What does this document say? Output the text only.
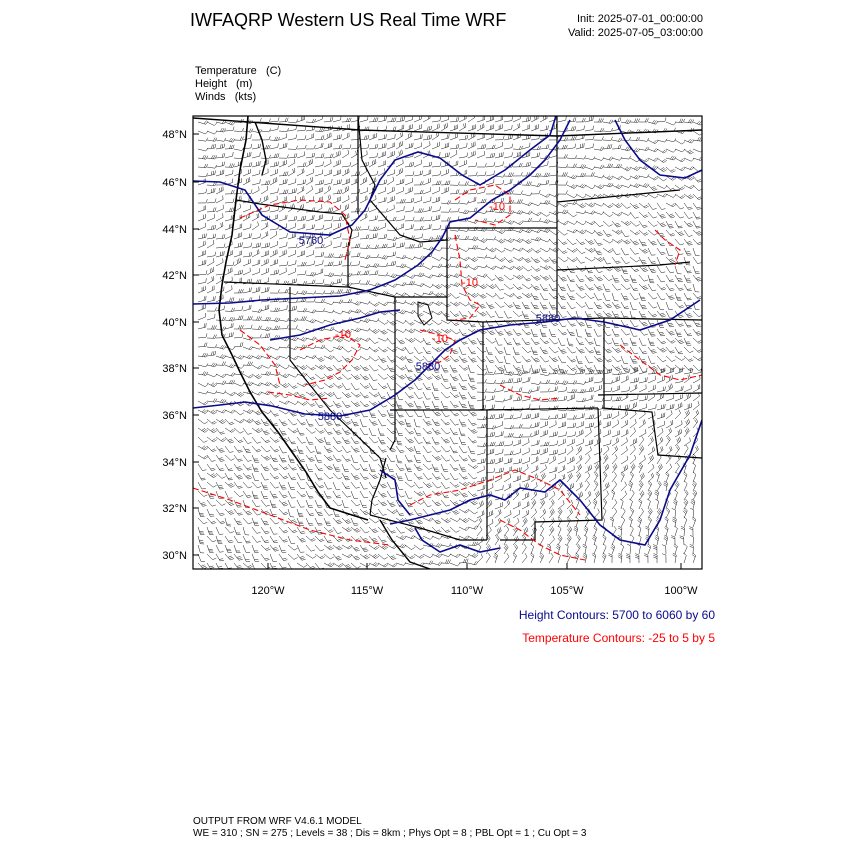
IWFAQRP Western US Real Time WRF	Init: 2025-07-01_00:00:00
Valid: 2025-07-05_03:00:00
Temperature (C)
Height (m)
Winds (kts)
5760
5880
5880
5880
-10	-10
-10
-10
48°N
46°N
44°N
42°N
40°N
38°N
36°N
34°N
32°N
30°N
120°W	115°W	110°W	105°W	100°W
Height Contours: 5700 to 6060 by 60
Temperature Contours: -25 to 5 by 5
OUTPUT FROM WRF V4.6.1 MODEL
WE = 310 ; SN = 275 ; Levels = 38 ; Dis = 8km ; Phys Opt = 8 ; PBL Opt = 1 ; Cu Opt = 3
